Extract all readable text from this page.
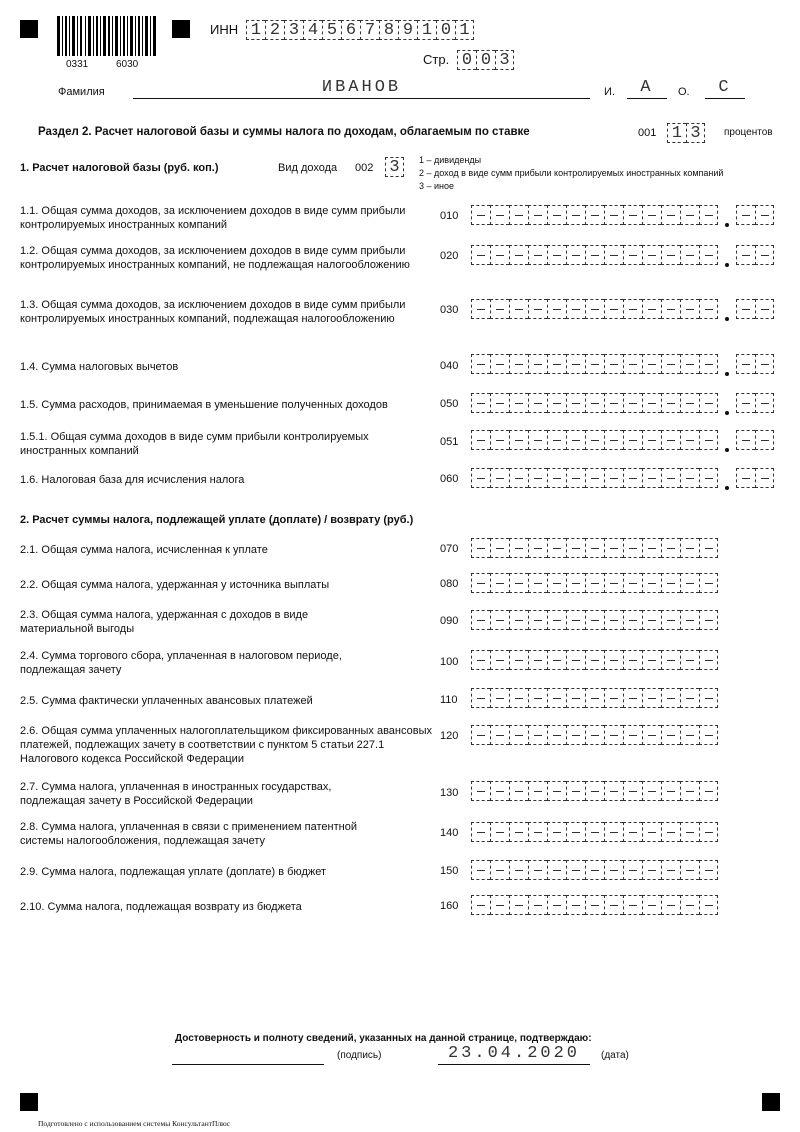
0331	6030
ИНН 1 2 3 4 5 6 7 8 9 1 0 1
Стр. 0 0 3
Фамилия	ИВАНОВ	И.	А	О.	С
Раздел 2. Расчет налоговой базы и суммы налога по доходам, облагаемым по ставке	001 1 3	процентов
1. Расчет налоговой базы (руб. коп.)	Вид дохода 002 3	1 – дивиденды
2 – доход в виде сумм прибыли контролируемых иностранных компаний
3 – иное
1.1. Общая сумма доходов, за исключением доходов в виде сумм прибыли контролируемых иностранных компаний
010
1.2. Общая сумма доходов, за исключением доходов в виде сумм прибыли контролируемых иностранных компаний, не подлежащая налогообложению
020
1.3. Общая сумма доходов, за исключением доходов в виде сумм прибыли контролируемых иностранных компаний, подлежащая налогообложению
030
1.4. Сумма налоговых вычетов	040
1.5. Сумма расходов, принимаемая в уменьшение полученных доходов	050
1.5.1. Общая сумма доходов в виде сумм прибыли контролируемых иностранных компаний
051
1.6. Налоговая база для исчисления налога	060
2. Расчет суммы налога, подлежащей уплате (доплате) / возврату (руб.)
2.1. Общая сумма налога, исчисленная к уплате	070
2.2. Общая сумма налога, удержанная у источника выплаты	080
2.3. Общая сумма налога, удержанная с доходов в виде материальной выгоды
090
2.4. Сумма торгового сбора, уплаченная в налоговом периоде, подлежащая зачету
100
2.5. Сумма фактически уплаченных авансовых платежей	110
2.6. Общая сумма уплаченных налогоплательщиком фиксированных авансовых платежей, подлежащих зачету в соответствии с пунктом 5 статьи 227.1 Налогового кодекса Российской Федерации
120
2.7. Сумма налога, уплаченная в иностранных государствах, подлежащая зачету в Российской Федерации
130
2.8. Сумма налога, уплаченная в связи с применением патентной системы налогообложения, подлежащая зачету
140
2.9. Сумма налога, подлежащая уплате (доплате) в бюджет	150
2.10. Сумма налога, подлежащая возврату из бюджета	160
Достоверность и полноту сведений, указанных на данной странице, подтверждаю:
(подпись)	23.04.2020	(дата)
Подготовлено с использованием системы КонсультантПлюс
